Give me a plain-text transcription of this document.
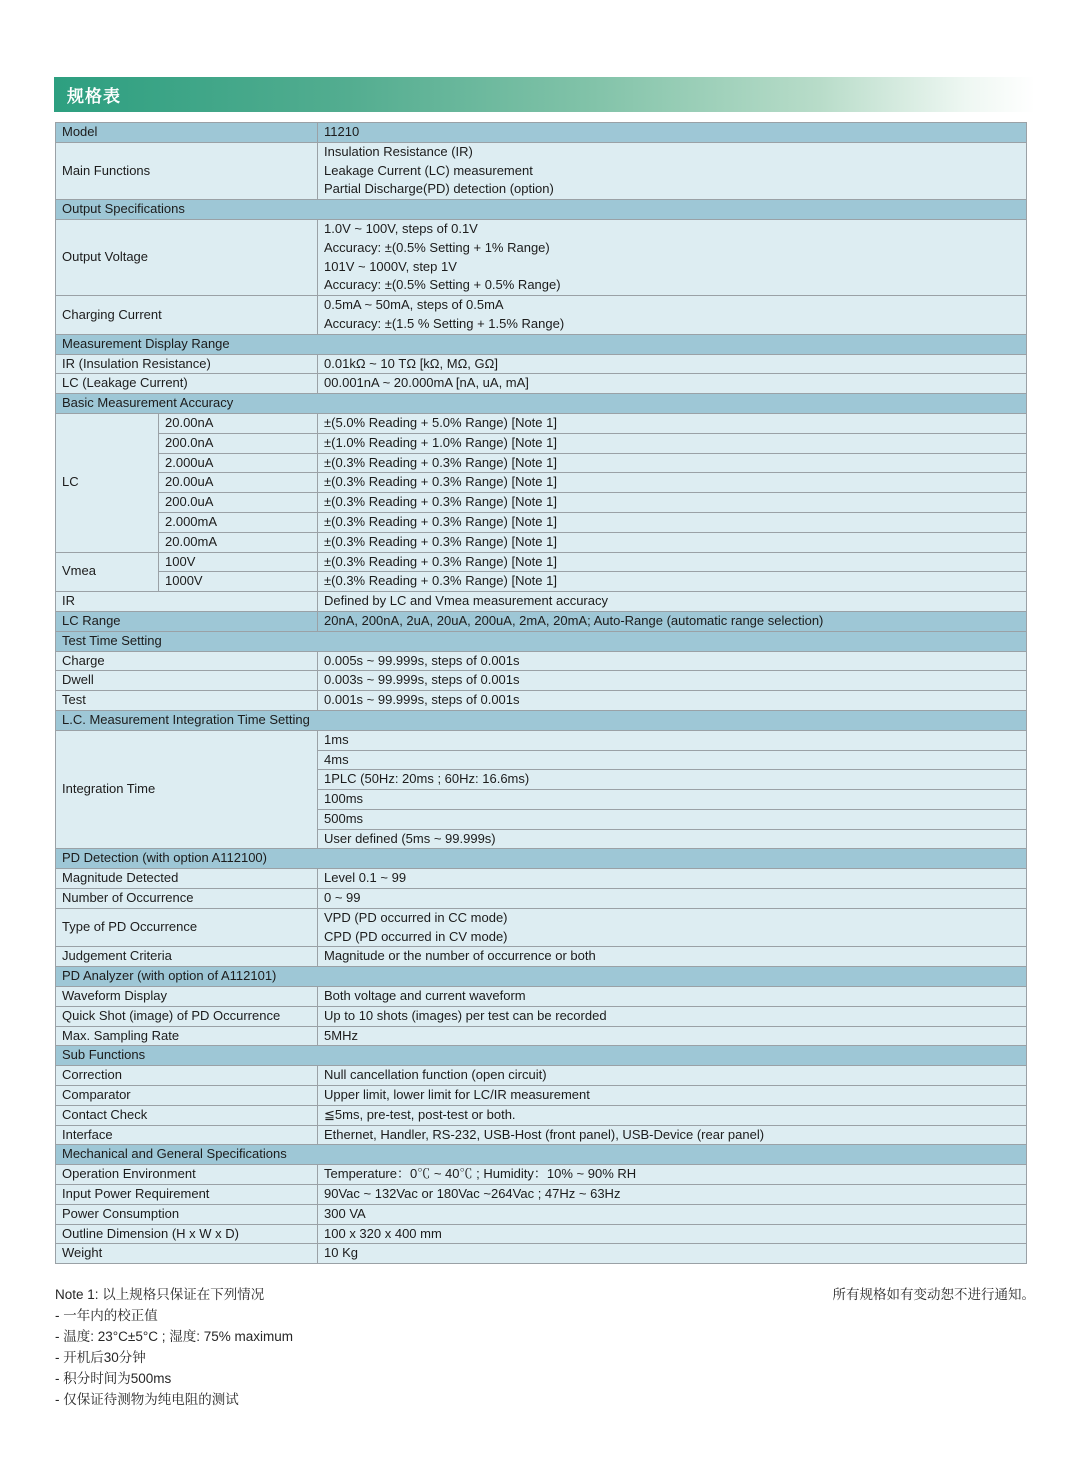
规格表
Model		11210

Main Functions		Insulation Resistance (IR)
Leakage Current (LC) measurement
Partial Discharge(PD) detection (option)

Output Specifications		

Output Voltage		1.0V ~ 100V, steps of 0.1V
Accuracy: ±(0.5% Setting + 1% Range)
101V ~ 1000V, step 1V
Accuracy: ±(0.5% Setting + 0.5% Range)

Charging Current		0.5mA ~ 50mA, steps of 0.5mA
Accuracy: ±(1.5 % Setting + 1.5% Range)

Measurement Display Range		

IR (Insulation Resistance)		0.01kΩ ~ 10 TΩ [kΩ, MΩ, GΩ]

LC (Leakage Current)		00.001nA ~ 20.000mA [nA, uA, mA]

Basic Measurement Accuracy		

LC	20.00nA	±(5.0% Reading + 5.0% Range) [Note 1]

	200.0nA	±(1.0% Reading + 1.0% Range) [Note 1]

	2.000uA	±(0.3% Reading + 0.3% Range) [Note 1]

	20.00uA	±(0.3% Reading + 0.3% Range) [Note 1]

	200.0uA	±(0.3% Reading + 0.3% Range) [Note 1]

	2.000mA	±(0.3% Reading + 0.3% Range) [Note 1]

	20.00mA	±(0.3% Reading + 0.3% Range) [Note 1]

Vmea	100V	±(0.3% Reading + 0.3% Range) [Note 1]

	1000V	±(0.3% Reading + 0.3% Range) [Note 1]

IR		Defined by LC and Vmea measurement accuracy

LC Range		20nA, 200nA, 2uA, 20uA, 200uA, 2mA, 20mA; Auto-Range (automatic range selection)

Test Time Setting		

Charge		0.005s ~ 99.999s, steps of 0.001s

Dwell		0.003s ~ 99.999s, steps of 0.001s

Test		0.001s ~ 99.999s, steps of 0.001s

L.C. Measurement Integration Time Setting		

Integration Time		1ms

		4ms

		1PLC (50Hz: 20ms ; 60Hz: 16.6ms)

		100ms

		500ms

		User defined (5ms ~ 99.999s)

PD Detection (with option A112100)		

Magnitude Detected		Level 0.1 ~ 99

Number of Occurrence		0 ~ 99

Type of PD Occurrence		VPD (PD occurred in CC mode)
CPD (PD occurred in CV mode)

Judgement Criteria		Magnitude or the number of occurrence or both

PD Analyzer (with option of A112101)		

Waveform Display		Both voltage and current waveform

Quick Shot (image) of PD Occurrence		Up to 10 shots (images) per test can be recorded

Max. Sampling Rate		5MHz

Sub Functions		

Correction		Null cancellation function (open circuit)

Comparator		Upper limit, lower limit for LC/IR measurement

Contact Check		≦5ms, pre-test, post-test or both.

Interface		Ethernet, Handler, RS-232, USB-Host (front panel), USB-Device (rear panel)

Mechanical and General Specifications		

Operation Environment		Temperature：0℃ ~ 40℃ ; Humidity：10% ~ 90% RH

Input Power Requirement		90Vac ~ 132Vac or 180Vac ~264Vac ; 47Hz ~ 63Hz

Power Consumption		300 VA

Outline Dimension (H x W x D)		100 x 320 x 400 mm

Weight		10 Kg
Note 1: 以上规格只保证在下列情况
- 一年内的校正值
- 温度: 23°C±5°C ; 湿度: 75% maximum
- 开机后30分钟
- 积分时间为500ms
- 仅保证待测物为纯电阻的测试
所有规格如有变动恕不进行通知。
